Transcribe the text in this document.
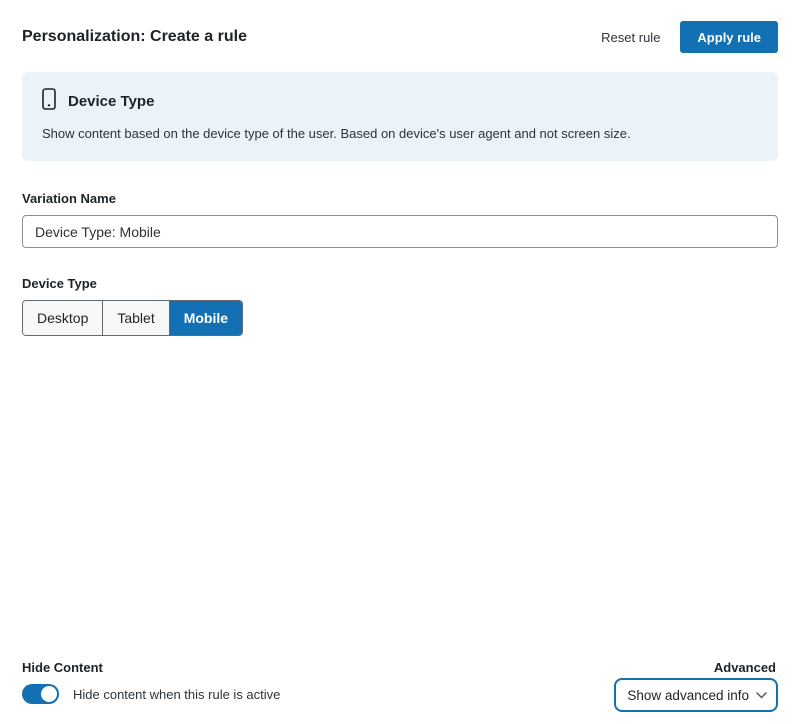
Personalization: Create a rule	Reset rule	Apply rule
Device Type
Show content based on the device type of the user. Based on device's user agent and not screen size.
Variation Name
Device Type: Mobile
Device Type
Desktop	Tablet	Mobile
Hide Content
Hide content when this rule is active
Advanced
Show advanced info
